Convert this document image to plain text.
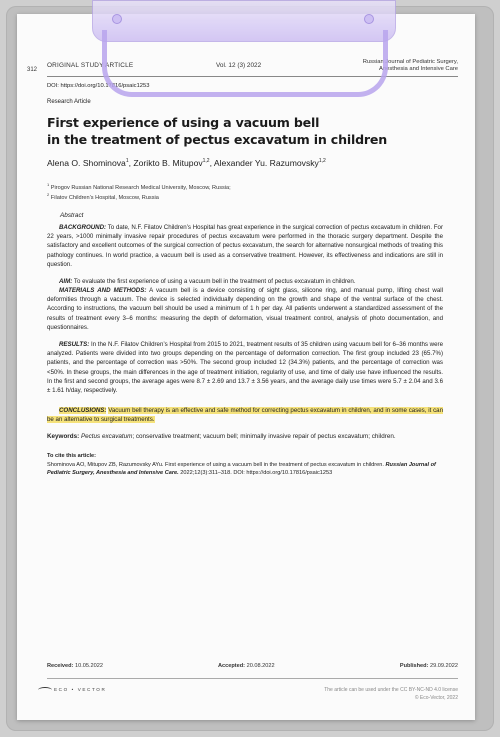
312
ORIGINAL STUDY ARTICLE	Vol. 12 (3) 2022	Russian Journal of Pediatric Surgery,
Anesthesia and Intensive Care
DOI: https://doi.org/10.17816/psaic1253
Research Article
First experience of using a vacuum bell
in the treatment of pectus excavatum in children
Alena O. Shominova$^1$, Zorikto B. Mitupov$^{1,2}$, Alexander Yu. Razumovsky$^{1,2}$
$^1$ Pirogov Russian National Research Medical University, Moscow, Russia;
$^2$ Filatov Children’s Hospital, Moscow, Russia
Abstract
BACKGROUND: To date, N.F. Filatov Children’s Hospital has great experience in the surgical correction of pectus excavatum in children. For 22 years, >1000 minimally invasive repair procedures of pectus excavatum were performed in the thoracic surgery department. Despite the satisfactory and excellent outcomes of the surgical correction of pectus excavatum, the search for alternative nonsurgical methods of treating this pathology continues. In world practice, a vacuum bell is used as a conservative treatment. However, its effectiveness and indications are still in question.
AIM: To evaluate the first experience of using a vacuum bell in the treatment of pectus excavatum in children.
MATERIALS AND METHODS: A vacuum bell is a device consisting of sight glass, silicone ring, and manual pump, lifting chest wall deformities through a vacuum. The device is selected individually depending on the growth and shape of the ventral surface of the chest. According to instructions, the vacuum bell should be used a minimum of 1 h per day. All patients underwent a standardized assessment of the results of treatment every 3–6 months: measuring the depth of deformation, visual treatment control, analysis of photo documentation, and questionnaires.
RESULTS: In the N.F. Filatov Children’s Hospital from 2015 to 2021, treatment results of 35 children using vacuum bell for 6–36 months were analyzed. Patients were divided into two groups depending on the percentage of deformation correction. The first group included 23 (65.7%) patients, and the percentage of correction was >50%. The second group included 12 (34.3%) patients, and the percentage of correction was <50%. In these groups, the main differences in the age of treatment initiation, regularity of use, and time of daily use have influenced the results. In the first and second groups, the average ages were 8.7 ± 2.69 and 13.7 ± 3.56 years, and the average daily use times were 5.7 ± 2.04 and 3.6 ± 1.61 h/day, respectively.
CONCLUSIONS: Vacuum bell therapy is an effective and safe method for correcting pectus excavatum in children, and in some cases, it can be an alternative to surgical treatments.
Keywords: Pectus excavatum; conservative treatment; vacuum bell; minimally invasive repair of pectus excavatum; children.
To cite this article:
Shominova AO, Mitupov ZB, Razumovsky AYu. First experience of using a vacuum bell in the treatment of pectus excavatum in children. Russian Journal of Pediatric Surgery, Anesthesia and Intensive Care. 2022;12(3):311–318. DOI: https://doi.org/10.17816/psaic1253
Received: 10.05.2022	Accepted: 20.08.2022	Published: 29.09.2022
ECO • VECTOR	The article can be used under the CC BY-NC-ND 4.0 license
© Eco-Vector, 2022
